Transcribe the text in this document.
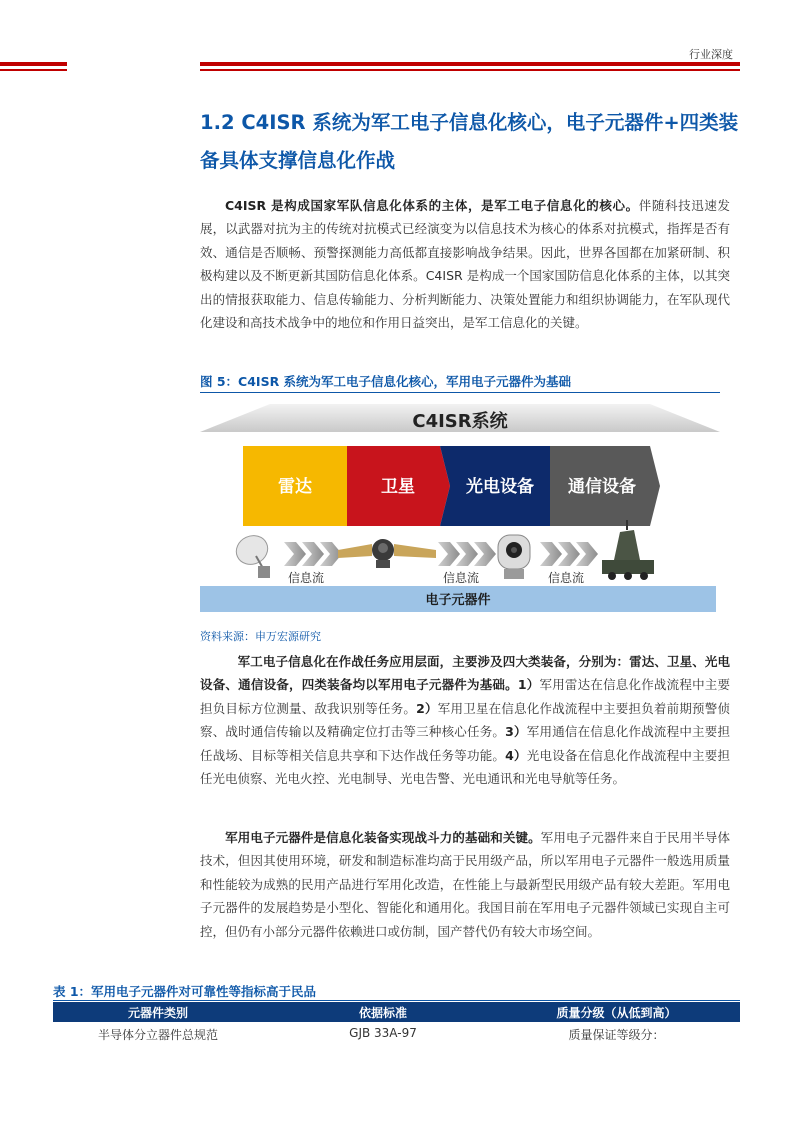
行业深度
1.2 C4ISR 系统为军工电子信息化核心，电子元器件+四类装备具体支撑信息化作战

  C4ISR 是构成国家军队信息化体系的主体，是军工电子信息化的核心。伴随科技迅速发展，以武器对抗为主的传统对抗模式已经演变为以信息技术为核心的体系对抗模式，指挥是否有效、通信是否顺畅、预警探测能力高低都直接影响战争结果。因此，世界各国都在加紧研制、积极构建以及不断更新其国防信息化体系。C4ISR 是构成一个国家国防信息化体系的主体，以其突出的情报获取能力、信息传输能力、分析判断能力、决策处置能力和组织协调能力，在军队现代化建设和高技术战争中的地位和作用日益突出，是军工信息化的关键。

图 5：C4ISR 系统为军工电子信息化核心，军用电子元器件为基础
C4ISR系统
雷达	卫星	光电设备 通信设备
信息流	信息流	信息流
电子元器件
资料来源：申万宏源研究

   军工电子信息化在作战任务应用层面，主要涉及四大类装备，分别为：雷达、卫星、光电设备、通信设备，四类装备均以军用电子元器件为基础。1）军用雷达在信息化作战流程中主要担负目标方位测量、敌我识别等任务。2）军用卫星在信息化作战流程中主要担负着前期预警侦察、战时通信传输以及精确定位打击等三种核心任务。3）军用通信在信息化作战流程中主要担任战场、目标等相关信息共享和下达作战任务等功能。4）光电设备在信息化作战流程中主要担任光电侦察、光电火控、光电制导、光电告警、光电通讯和光电导航等任务。

  军用电子元器件是信息化装备实现战斗力的基础和关键。军用电子元器件来自于民用半导体技术，但因其使用环境，研发和制造标准均高于民用级产品，所以军用电子元器件一般选用质量和性能较为成熟的民用产品进行军用化改造，在性能上与最新型民用级产品有较大差距。军用电子元器件的发展趋势是小型化、智能化和通用化。我国目前在军用电子元器件领域已实现自主可控，但仍有小部分元器件依赖进口或仿制，国产替代仍有较大市场空间。

表 1：军用电子元器件对可靠性等指标高于民品
元器件类别	依据标准	质量分级（从低到高）
半导体分立器件总规范	GJB 33A-97	质量保证等级分：
